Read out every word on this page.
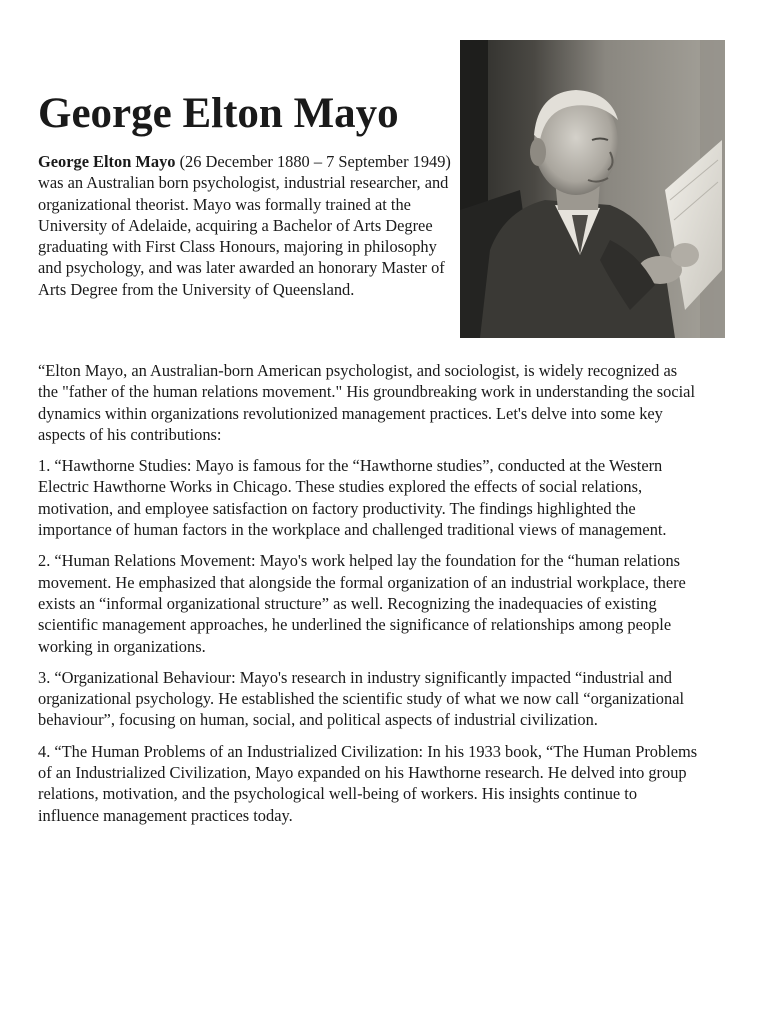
George Elton Mayo

George Elton Mayo (26 December 1880 – 7 September 1949) was an Australian born psychologist, industrial researcher, and organizational theorist. Mayo was formally trained at the University of Adelaide, acquiring a Bachelor of Arts Degree graduating with First Class Honours, majoring in philosophy and psychology, and was later awarded an honorary Master of Arts Degree from the University of Queensland.

“Elton Mayo, an Australian-born American psychologist, and sociologist, is widely recognized as the "father of the human relations movement." His groundbreaking work in understanding the social dynamics within organizations revolutionized management practices. Let's delve into some key aspects of his contributions:

1. “Hawthorne Studies: Mayo is famous for the “Hawthorne studies”, conducted at the Western Electric Hawthorne Works in Chicago. These studies explored the effects of social relations, motivation, and employee satisfaction on factory productivity. The findings highlighted the importance of human factors in the workplace and challenged traditional views of management.

2. “Human Relations Movement: Mayo's work helped lay the foundation for the “human relations movement. He emphasized that alongside the formal organization of an industrial workplace, there exists an “informal organizational structure” as well. Recognizing the inadequacies of existing scientific management approaches, he underlined the significance of relationships among people working in organizations.

3. “Organizational Behaviour: Mayo's research in industry significantly impacted “industrial and organizational psychology. He established the scientific study of what we now call “organizational behaviour”, focusing on human, social, and political aspects of industrial civilization.

4. “The Human Problems of an Industrialized Civilization: In his 1933 book, “The Human Problems of an Industrialized Civilization, Mayo expanded on his Hawthorne research. He delved into group relations, motivation, and the psychological well-being of workers. His insights continue to influence management practices today.
